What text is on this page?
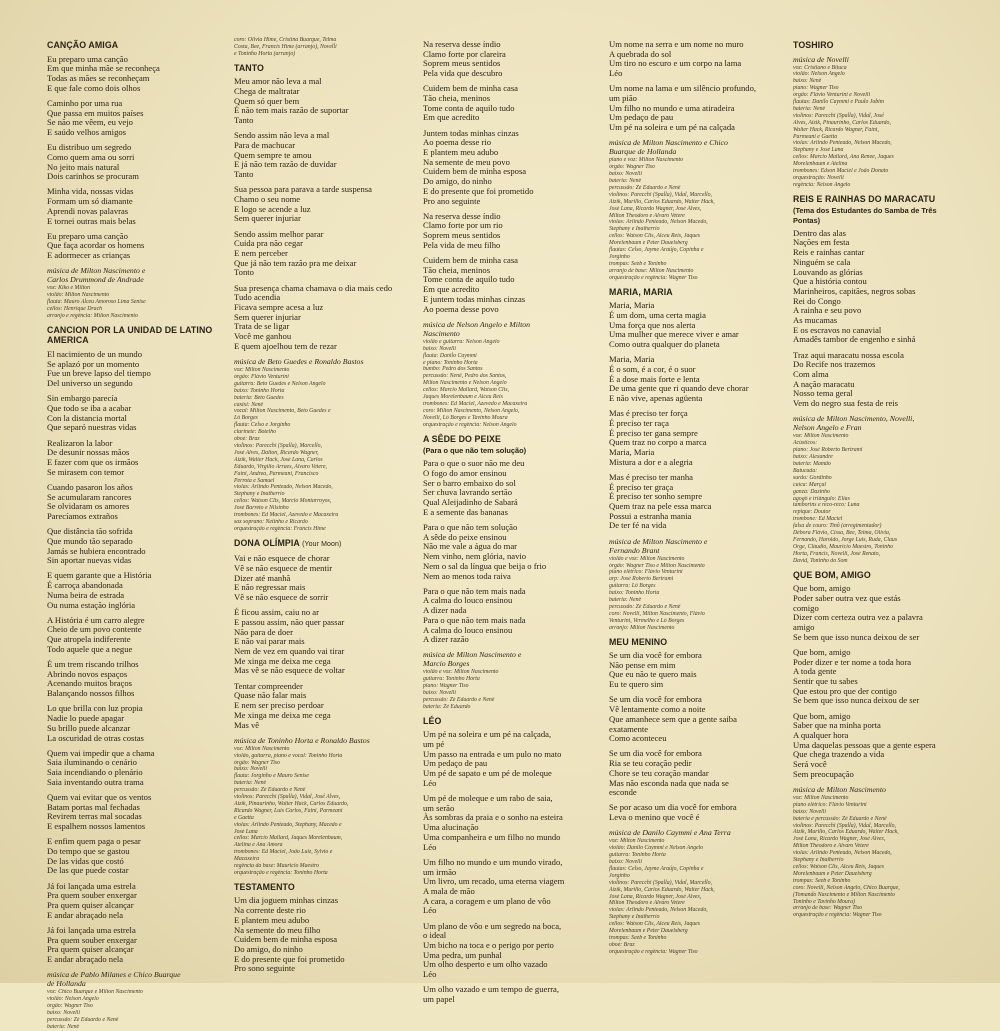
CANÇÃO AMIGA
Eu preparo uma canção
Em que minha mãe se reconheça
Todas as mães se reconheçam
E que fale como dois olhos
Caminho por uma rua
Que passa em muitos países
Se não me vêem, eu vejo
E saúdo velhos amigos
Eu distribuo um segredo
Como quem ama ou sorri
No jeito mais natural
Dois carinhos se procuram
Minha vida, nossas vidas
Formam um só diamante
Aprendi novas palavras
E tornei outras mais belas
Eu preparo uma canção
Que faça acordar os homens
E adormecer as crianças
música de Milton Nascimento e
Carlos Drummond de Andrade
voz: Kiko e Milton
violão: Milton Nascimento
flauta: Mauro Alceu Amoroso Lima Senise
cellos: Henrique Drach
arranjo e regência: Milton Nascimento
CANCION POR LA UNIDAD DE LATINO AMERICA
El nacimiento de un mundo
Se aplazó por un momento
Fue un breve lapso del tiempo
Del universo un segundo
Sin embargo parecía
Que todo se iba a acabar
Con la distancia mortal
Que separó nuestras vidas
Realizaron la labor
De desunir nossas mãos
E fazer com que os irmãos
Se mirasem con temor
Cuando pasaron los años
Se acumularam rancores
Se olvidaram os amores
Parecíamos extraños
Que distância tão sofrida
Que mundo tão separado
Jamás se hubiera encontrado
Sin aportar nuevas vidas
E quem garante que a História
É carroça abandonada
Numa beira de estrada
Ou numa estação inglória
A História é um carro alegre
Cheio de um povo contente
Que atropela indiferente
Todo aquele que a negue
É um trem riscando trilhos
Abrindo novos espaços
Acenando muitos braços
Balançando nossos filhos
Lo que brilla con luz propia
Nadie lo puede apagar
Su brillo puede alcanzar
La oscuridad de otras costas
Quem vai impedir que a chama
Saia iluminando o cenário
Saia incendiando o plenário
Saia inventando outra trama
Quem vai evitar que os ventos
Batam portas mal fechadas
Revirem terras mal socadas
E espalhem nossos lamentos
E enfim quem paga o pesar
Do tempo que se gastou
De las vidas que costó
De las que puede costar
Já foi lançada uma estrela
Pra quem souber enxergar
Pra quem quiser alcançar
E andar abraçado nela
Já foi lançada uma estrela
Pra quem souber enxergar
Pra quem quiser alcançar
E andar abraçado nela
música de Pablo Milanes e Chico Buarque
de Hollanda
voz: Chico Buarque e Milton Nascimento
violão: Nelson Angelo
órgão: Wagner Tiso
baixo: Novelli
percussão: Zé Eduardo e Nenê
bateria: Nenê
coro: Olivia Hime, Cristina Buarque, Telma
Costa, Bee, Francis Hime (arranjo), Novelli
e Toninho Horta (arranjo)
TANTO
Meu amor não leva a mal
Chega de maltratar
Quem só quer bem
É não tem mais razão de suportar
Tanto
Sendo assim não leva a mal
Para de machucar
Quem sempre te amou
E já não tem razão de duvidar
Tanto
Sua pessoa para parava a tarde suspensa
Chamo o seu nome
E logo se acende a luz
Sem querer injuriar
Sendo assim melhor parar
Cuida pra não cegar
E nem perceber
Que já não tem razão pra me deixar
Tonto
Sua presença chama chamava o dia mais cedo
Tudo acendia
Ficava sempre acesa a luz
Sem querer injuriar
Trata de se ligar
Você me ganhou
E quem ajoelhou tem de rezar
música de Beto Guedes e Ronaldo Bastos
voz: Milton Nascimento
órgão: Flávio Venturini
guitarra: Beto Guedes e Nelson Angelo
baixo: Toninho Horta
bateria: Beto Guedes
caxixi: Nenê
vocal: Milton Nascimento, Beto Guedes e
Lô Borges
flauta: Celso e Jorginho
clarinete: Botelho
oboé: Braz
violinos: Parecchi (Spalla), Marcello,
José Alves, Dalton, Ricardo Wagner,
Aizik, Walter Hack, José Lana, Carlos
Eduardo, Virgílio Arraes, Alvaro Vetere,
Faini, Andrea, Parmeani, Francisco
Perrota e Samuel
violas: Arlindo Penteado, Nelson Macedo,
Stephany e Inatherrio
cellos: Watson Clis, Marcio Montarroyos,
José Barreto e Nilsinho
trombones: Ed Maciel, Azevedo e Macaxeira
sax soprano: Netinho e Ricardo
orquestração e regência: Francis Hime
DONA OLÍMPIA (Your Moon)
Vai e não esquece de chorar
Vê se não esquece de mentir
Dizer até manhã
E não regressar mais
Vê se não esquece de sorrir
É ficou assim, caiu no ar
E passou assim, não quer passar
Não para de doer
E não vai parar mais
Nem de vez em quando vai tirar
Me xinga me deixa me cega
Mas vê se não esquece de voltar
Tentar compreender
Quase não falar mais
E nem ser preciso perdoar
Me xinga me deixa me cega
Mas vê
música de Toninho Horta e Ronaldo Bastos
voz: Milton Nascimento
violão, guitarra, piano e vocal: Toninho Horta
órgão: Wagner Tiso
baixo: Novelli
flauta: Jorginho e Mauro Senise
bateria: Nenê
percussão: Zé Eduardo e Nenê
violinos: Parecchi (Spalla), Vidal, José Alves,
Aizik, Pinaurinho, Walter Hack, Carlos Eduardo,
Ricardo Wagner, Luis Carlos, Faini, Parmeani
e Gaetta
violas: Arlindo Penteado, Stephany, Macedo e
José Lana
cellos: Marcio Mallard, Jaques Morelenbaum,
Atelina e Ana Amora
trombones: Ed Maciel, João Luiz, Sylvio e
Macaxeira
regência da base: Mauricio Maestro
orquestração e regência: Toninho Horta
TESTAMENTO
Um dia joguem minhas cinzas
Na corrente deste rio
E plantem meu adubo
Na semente do meu filho
Cuidem bem de minha esposa
Do amigo, do ninho
E do presente que foi prometido
Pro sono seguinte
Na reserva desse índio
Clamo forte por clareira
Soprem meus sentidos
Pela vida que descubro
Cuidem bem de minha casa
Tão cheia, meninos
Tome conta de aquilo tudo
Em que acredito
Juntem todas minhas cinzas
Ao poema desse rio
E plantem meu adubo
Na semente de meu povo
Cuidem bem de minha esposa
Do amigo, do ninho
E do presente que foi prometido
Pro ano seguinte
Na reserva desse índio
Clamo forte por um rio
Soprem meus sentidos
Pela vida de meu filho
Cuidem bem de minha casa
Tão cheia, meninos
Tome conta de aquilo tudo
Em que acredito
E juntem todas minhas cinzas
Ao poema desse povo
música de Nelson Angelo e Milton
Nascimento
violão e guitarra: Nelson Angelo
baixo: Novelli
flauta: Danilo Caymmi
e piano: Toninho Horta
bumbo: Pedro dos Santos
percussão: Nenê, Pedro dos Santos,
Milton Nascimento e Nelson Angelo
cellos: Marcio Mallard, Watson Clis,
Jaques Morelenbaum e Alceu Reis
trombones: Ed Maciel, Azevedo e Macaxeira
coro: Milton Nascimento, Nelson Angelo,
Novelli, Lô Borges e Tavinho Moura
orquestração e regência: Nelson Angelo
A SÊDE DO PEIXE
(Para o que não tem solução)
Para o que o suor não me deu
O fogo do amor ensinou
Ser o barro embaixo do sol
Ser chuva lavrando sertão
Qual Aleijadinho de Sabará
E a semente das bananas
Para o que não tem solução
A sêde do peixe ensinou
Não me vale a água do mar
Nem vinho, nem glória, navio
Nem o sal da língua que beija o frio
Nem ao menos toda raiva
Para o que não tem mais nada
A calma do louco ensinou
A dizer nada
Para o que não tem mais nada
A calma do louco ensinou
A dizer razão
música de Milton Nascimento e
Marcio Borges
violão e voz: Milton Nascimento
guitarra: Toninho Horta
piano: Wagner Tiso
baixo: Novelli
percussão: Zé Eduardo e Nenê
bateria: Zé Eduardo
LÉO
Um pé na soleira e um pé na calçada,
um pé
Um passo na entrada e um pulo no mato
Um pedaço de pau
Um pé de sapato e um pé de moleque
Léo
Um pé de moleque e um rabo de saia,
um serão
Às sombras da praia e o sonho na esteira
Uma alucinação
Uma companheira e um filho no mundo
Léo
Um filho no mundo e um mundo virado,
um irmão
Um livro, um recado, uma eterna viagem
A mala de mão
A cara, a coragem e um plano de vôo
Léo
Um plano de vôo e um segredo na boca,
o ideal
Um bicho na toca e o perigo por perto
Uma pedra, um punhal
Um olho desperto e um olho vazado
Léo
Um olho vazado e um tempo de guerra,
um papel
Um nome na serra e um nome no muro
A quebrada do sol
Um tiro no escuro e um corpo na lama
Léo
Um nome na lama e um silêncio profundo,
um pião
Um filho no mundo e uma atiradeira
Um pedaço de pau
Um pé na soleira e um pé na calçada
música de Milton Nascimento e Chico
Buarque de Hollanda
piano e voz: Milton Nascimento
órgão: Wagner Tiso
baixo: Novelli
bateria: Nenê
percussão: Zé Eduardo e Nenê
violinos: Parecchi (Spalla), Vidal, Marcello,
Aizik, Murillo, Carlos Eduardo, Walter Hack,
José Lana, Ricardo Wagner, José Alves,
Milton Theodoro e Alvaro Vetere
violas: Arlindo Penteado, Nelson Macedo,
Stephany e Inatherrio
cellos: Watson Clis, Alceu Reis, Jaques
Morelenbaum e Peter Dauelsberg
flautas: Celso, Jayme Araújo, Copinha e
Jorginho
trompas: Seeb e Toninho
arranjo de base: Milton Nascimento
orquestração e regência: Wagner Tiso
MARIA, MARIA
Maria, Maria
É um dom, uma certa magia
Uma força que nos alerta
Uma mulher que merece viver e amar
Como outra qualquer do planeta
Maria, Maria
É o som, é a cor, é o suor
É a dose mais forte e lenta
De uma gente que ri quando deve chorar
E não vive, apenas agüenta
Mas é preciso ter força
É preciso ter raça
É preciso ter gana sempre
Quem traz no corpo a marca
Maria, Maria
Mistura a dor e a alegria
Mas é preciso ter manha
É preciso ter graça
É preciso ter sonho sempre
Quem traz na pele essa marca
Possui a estranha mania
De ter fé na vida
música de Milton Nascimento e
Fernando Brant
violão e voz: Milton Nascimento
órgão: Wagner Tiso e Milton Nascimento
piano elétrico: Flávio Venturini
arp: José Roberto Bertrami
guitarra: Lô Borges
baixo: Toninho Horta
bateria: Nenê
percussão: Zé Eduardo e Nenê
coro: Novelli, Milton Nascimento, Flávio
Venturini, Vermelho e Lô Borges
arranjo: Milton Nascimento
MEU MENINO
Se um dia você for embora
Não pense em mim
Que eu não te quero mais
Eu te quero sim
Se um dia você for embora
Vê lentamente como a noite
Que amanhece sem que a gente saiba
exatamente
Como aconteceu
Se um dia você for embora
Ria se teu coração pedir
Chore se teu coração mandar
Mas não esconda nada que nada se
esconde
Se por acaso um dia você for embora
Leva o menino que você é
música de Danilo Caymmi e Ana Terra
voz: Milton Nascimento
violão: Danilo Caymmi e Nelson Angelo
guitarra: Toninho Horta
baixo: Novelli
flautas: Celso, Jayme Araújo, Copinha e
Jorginho
violinos: Parecchi (Spalla), Vidal, Marcello,
Aizik, Murillo, Carlos Eduardo, Walter Hack,
José Lana, Ricardo Wagner, José Alves,
Milton Theodoro e Alvaro Vetere
violas: Arlindo Penteado, Nelson Macedo,
Stephany e Inatherrio
cellos: Watson Clis, Alceu Reis, Jaques
Morelenbaum e Peter Dauelsberg
trompas: Seeb e Toninho
oboé: Braz
orquestração e regência: Wagner Tiso
TOSHIRO
música de Novelli
voz: Cristiano e Bituca
violão: Nelson Angelo
baixo: Nenê
piano: Wagner Tiso
órgão: Flávio Venturini e Novelli
flautas: Danilo Caymmi e Paulo Jobim
bateria: Nenê
violinos: Parecchi (Spalla), Vidal, José
Alves, Aizik, Pinaurinho, Carlos Eduardo,
Walter Hack, Ricardo Wagner, Faini,
Parmeani e Gaetta
violas: Arlindo Penteado, Nelson Macedo,
Stephany e José Lana
cellos: Marcio Mallard, Ana Renee, Jaques
Morelenbaum e Atelina
trombones: Edson Maciel e João Donato
orquestração: Novelli
regência: Nelson Angelo
REIS E RAINHAS DO MARACATU
(Tema dos Estudantes do Samba de Três Pontas)
Dentro das alas
Nações em festa
Reis e rainhas cantar
Ninguém se cala
Louvando as glórias
Que a história contou
Marinheiros, capitães, negros sobas
Rei do Congo
A rainha e seu povo
As mucamas
E os escravos no canavial
Amadês tambor de engenho e sinhá
Traz aqui maracatu nossa escola
Do Recife nos trazemos
Com alma
A nação maracatu
Nosso tema geral
Vem do negro sua festa de reis
música de Milton Nascimento, Novelli,
Nelson Angelo e Fran
voz: Milton Nascimento
Acústicos:
piano: José Roberto Bertrami
baixo: Alexandre
bateria: Mamão
Batucada:
surdo: Gordinho
cuíca: Marçal
ganzá: Dazinho
agogô e triângulo: Elias
tamborins e reco-reco: Luna
repique: Doutor
trombone: Ed Maciel
falsa de couro: Tinô (arregimentador)
Débora Flávio, Cissa, Bee, Telma, Olivia,
Fernando, Haroldo, Jorge Luis, Ruda, Claus
Orge, Cláudio, Mauricio Maestro, Toninho
Horta, Francis, Novelli, José Renato,
David, Toninho do Som
QUE BOM, AMIGO
Que bom, amigo
Poder saber outra vez que estás
comigo
Dizer com certeza outra vez a palavra
amigo
Se bem que isso nunca deixou de ser
Que bom, amigo
Poder dizer e ter nome a toda hora
A toda gente
Sentir que tu sabes
Que estou pro que der contigo
Se bem que isso nunca deixou de ser
Que bom, amigo
Saber que na minha porta
A qualquer hora
Uma daquelas pessoas que a gente espera
Que chega trazendo a vida
Será você
Sem preocupação
música de Milton Nascimento
voz: Milton Nascimento
piano elétrico: Flávio Venturini
baixo: Novelli
bateria e percussão: Zé Eduardo e Nenê
violinos: Parecchi (Spalla), Vidal, Marcello,
Aizik, Murillo, Carlos Eduardo, Walter Hack,
José Lana, Ricardo Wagner, José Alves,
Milton Theodoro e Alvaro Vetere
violas: Arlindo Penteado, Nelson Macedo,
Stephany e Inatherrio
cellos: Watson Clis, Alceu Reis, Jaques
Morelenbaum e Peter Dauelsberg
trompas: Seeb e Toninho
coro: Novelli, Nelson Angelo, Chico Buarque,
(Tomando Nascimento e Milton Nascimento
Toninho e Tavinho Moura)
arranjo de base: Wagner Tiso
orquestração e regência: Wagner Tiso
